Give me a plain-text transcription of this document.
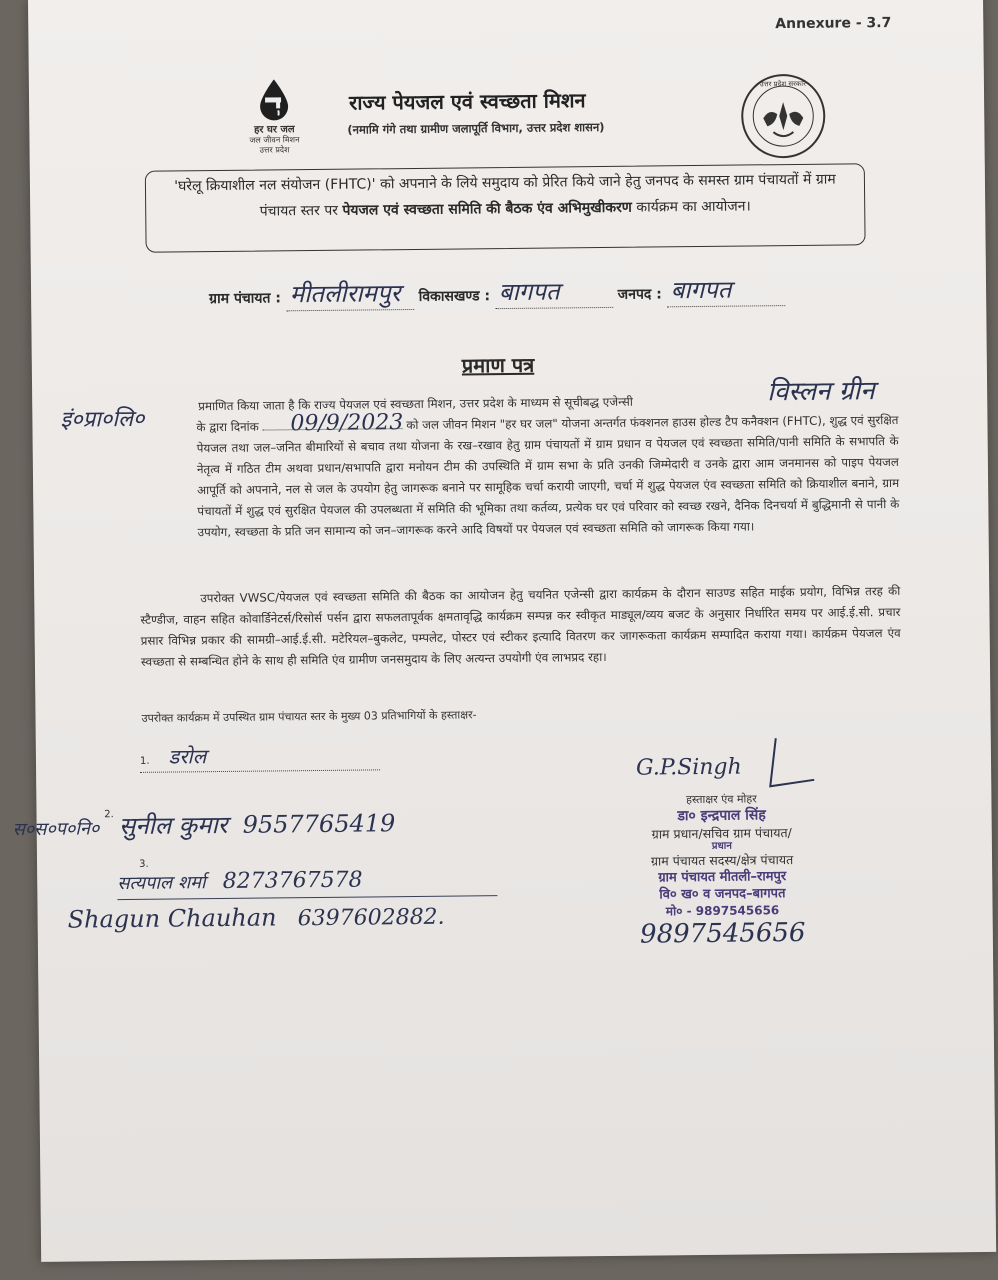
Annexure - 3.7
हर घर जल
जल जीवन मिशन
उत्तर प्रदेश
राज्य पेयजल एवं स्वच्छता मिशन
(नमामि गंगे तथा ग्रामीण जलापूर्ति विभाग, उत्तर प्रदेश शासन)
उत्तर प्रदेश सरकार
'घरेलू क्रियाशील नल संयोजन (FHTC)' को अपनाने के लिये समुदाय को प्रेरित किये जाने हेतु जनपद के समस्त ग्राम पंचायतों में ग्राम पंचायत स्तर पर पेयजल एवं स्वच्छता समिति की बैठक एंव अभिमुखीकरण कार्यक्रम का आयोजन।
ग्राम पंचायत : मीतलीरामपुर विकासखण्ड : बागपत	जनपद : बागपत
प्रमाण पत्र
विस्लन ग्रीन
इं०प्रा०लि०	09/9/2023
प्रमाणित किया जाता है कि राज्य पेयजल एवं स्वच्छता मिशन, उत्तर प्रदेश के माध्यम से सूचीबद्ध एजेन्सी
के द्वारा दिनांक	को जल जीवन मिशन "हर घर जल" योजना अन्तर्गत फंक्शनल हाउस होल्ड टैप कनैक्शन (FHTC), शुद्ध एवं सुरक्षित पेयजल तथा जल–जनित बीमारियों से बचाव तथा योजना के रख–रखाव हेतु ग्राम पंचायतों में ग्राम प्रधान व पेयजल एवं स्वच्छता समिति/पानी समिति के सभापति के नेतृत्व में गठित टीम अथवा प्रधान/सभापति द्वारा मनोयन टीम की उपस्थिति में ग्राम सभा के प्रति उनकी जिम्मेदारी व उनके द्वारा आम जनमानस को पाइप पेयजल आपूर्ति को अपनाने, नल से जल के उपयोग हेतु जागरूक बनाने पर सामूहिक चर्चा करायी जाएगी, चर्चा में शुद्ध पेयजल एंव स्वच्छता समिति को क्रियाशील बनाने, ग्राम पंचायतों में शुद्ध एवं सुरक्षित पेयजल की उपलब्धता में समिति की भूमिका तथा कर्तव्य, प्रत्येक घर एवं परिवार को स्वच्छ रखने, दैनिक दिनचर्या में बुद्धिमानी से पानी के उपयोग, स्वच्छता के प्रति जन सामान्य को जन–जागरूक करने आदि विषयों पर पेयजल एवं स्वच्छता समिति को जागरूक किया गया।
उपरोक्त VWSC/पेयजल एवं स्वच्छता समिति की बैठक का आयोजन हेतु चयनित एजेन्सी द्वारा कार्यक्रम के दौरान साउण्ड सहित माईक प्रयोग, विभिन्न तरह की स्टैण्डीज, वाहन सहित कोवार्डिनेटर्स/रिसोर्स पर्सन द्वारा सफलतापूर्वक क्षमतावृद्धि कार्यक्रम सम्पन्न कर स्वीकृत माड्यूल/व्यय बजट के अनुसार निर्धारित समय पर आई.ई.सी. प्रचार प्रसार विभिन्न प्रकार की सामग्री–आई.ई.सी. मटेरियल–बुकलेट, पम्पलेट, पोस्टर एवं स्टीकर इत्यादि वितरण कर जागरूकता कार्यक्रम सम्पादित कराया गया। कार्यक्रम पेयजल एंव स्वच्छता से सम्बन्धित होने के साथ ही समिति एंव ग्रामीण जनसमुदाय के लिए अत्यन्त उपयोगी एंव लाभप्रद रहा।
उपरोक्त कार्यक्रम में उपस्थित ग्राम पंचायत स्तर के मुख्य 03 प्रतिभागियों के हस्ताक्षर-
1. डरोल
स०स०प०नि० $^{2.}$ सुनील कुमार 9557765419
3.
सत्यपाल शर्मा 8273767578
Shagun Chauhan 6397602882.
G.P.Singh
हस्ताक्षर एंव मोहर
डा० इन्द्रपाल सिंह
ग्राम प्रधान/सचिव ग्राम पंचायत/
प्रधान
ग्राम पंचायत सदस्य/क्षेत्र पंचायत
ग्राम पंचायत मीतली–रामपुर
वि० ख० व जनपद–बागपत
मो० - 9897545656
9897545656
